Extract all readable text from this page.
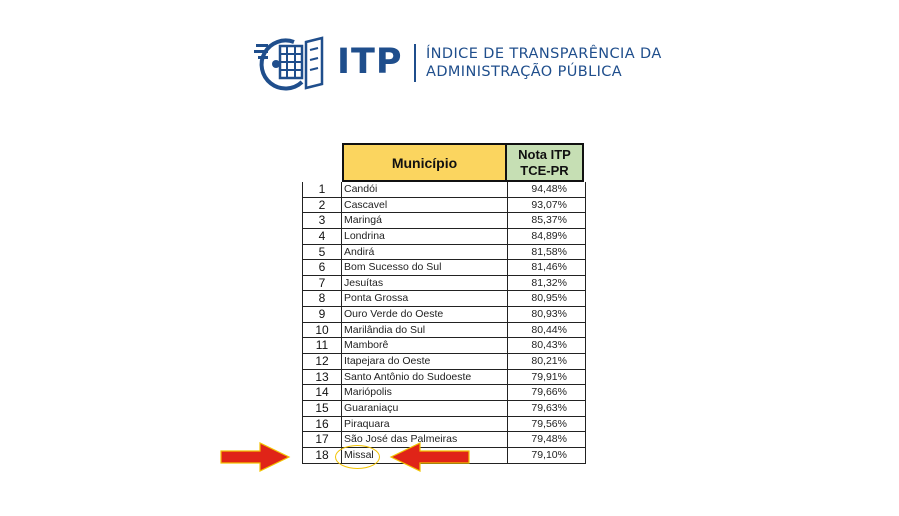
ITP ÍNDICE DE TRANSPARÊNCIA DA
ADMINISTRAÇÃO PÚBLICA
Município
Nota ITP
TCE-PR
1	Candói	94,48%
2	Cascavel	93,07%
3	Maringá	85,37%
4	Londrina	84,89%
5	Andirá	81,58%
6	Bom Sucesso do Sul	81,46%
7	Jesuítas	81,32%
8	Ponta Grossa	80,95%
9	Ouro Verde do Oeste	80,93%
10	Marilândia do Sul	80,44%
11	Mamborê	80,43%
12	Itapejara do Oeste	80,21%
13	Santo Antônio do Sudoeste	79,91%
14	Mariópolis	79,66%
15	Guaraniaçu	79,63%
16	Piraquara	79,56%
17	São José das Palmeiras	79,48%
18	Missal	79,10%
